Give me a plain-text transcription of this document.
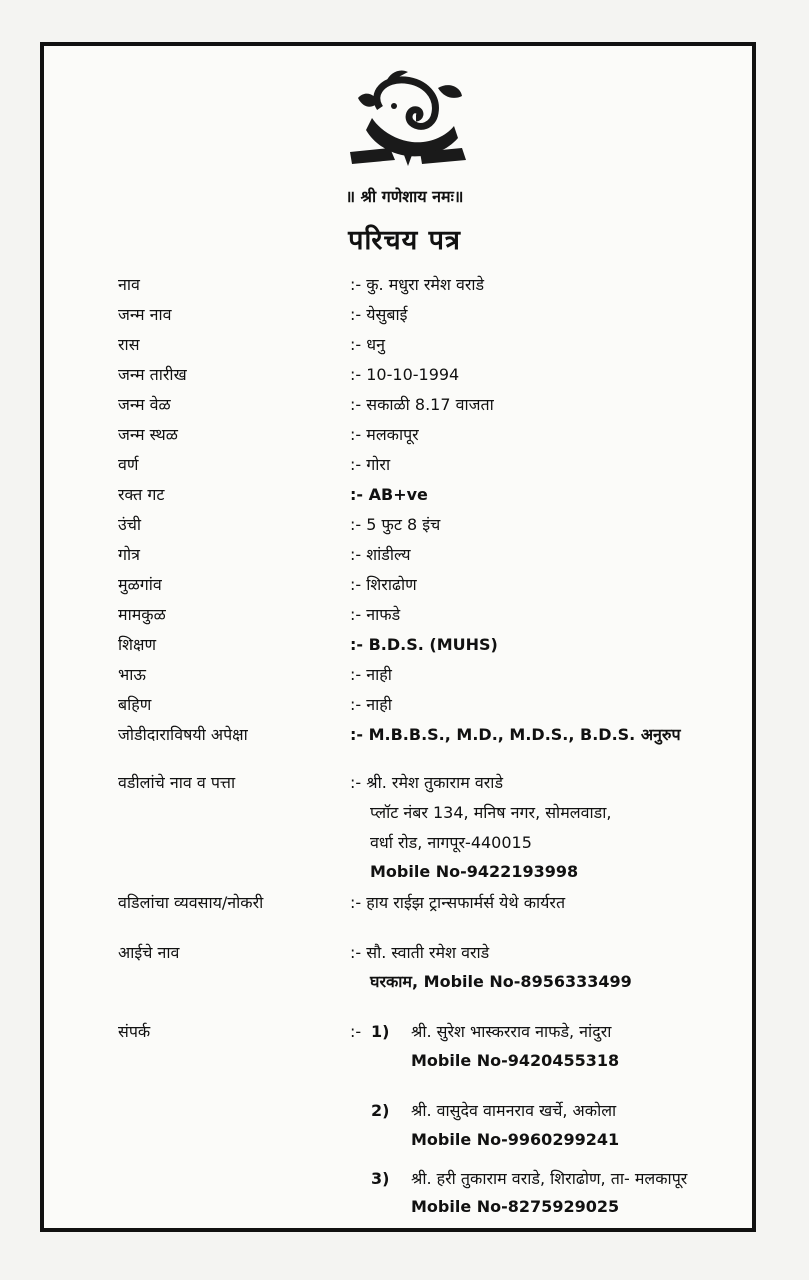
॥ श्री गणेशाय नमः॥
परिचय पत्र
नाव	:- कु. मधुरा रमेश वराडे
जन्म नाव	:- येसुबाई
रास	:- धनु
जन्म तारीख	:- 10-10-1994
जन्म वेळ	:- सकाळी 8.17 वाजता
जन्म स्थळ	:- मलकापूर
वर्ण	:- गोरा
रक्त गट	:- AB+ve
उंची	:- 5 फुट 8 इंच
गोत्र	:- शांडील्य
मुळगांव	:- शिराढोण
मामकुळ	:- नाफडे
शिक्षण	:- B.D.S. (MUHS)
भाऊ	:- नाही
बहिण	:- नाही
जोडीदाराविषयी अपेक्षा	:- M.B.B.S., M.D., M.D.S., B.D.S. अनुरुप
वडीलांचे नाव व पत्ता	:- श्री. रमेश तुकाराम वराडे
प्लॉट नंबर 134, मनिष नगर, सोमलवाडा,
वर्धा रोड, नागपूर-440015
Mobile No-9422193998
वडिलांचा व्यवसाय/नोकरी	:- हाय राईझ ट्रान्सफार्मर्स येथे कार्यरत
आईचे नाव	:- सौ. स्वाती रमेश वराडे
घरकाम, Mobile No-8956333499
संपर्क	:- 1) श्री. सुरेश भास्करराव नाफडे, नांदुरा
Mobile No-9420455318
2) श्री. वासुदेव वामनराव खर्चे, अकोला
Mobile No-9960299241
3) श्री. हरी तुकाराम वराडे, शिराढोण, ता- मलकापूर
Mobile No-8275929025
